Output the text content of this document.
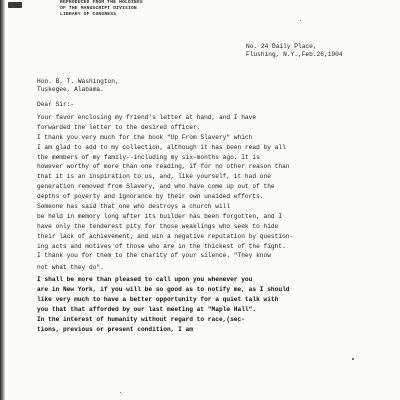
REPRODUCED FROM THE HOLDINGS
OF THE MANUSCRIPT DIVISION
LIBRARY OF CONGRESS
No. 24 Daily Place,
Flushing, N.Y.,Feb.26,1904
Hon. B. T. Washington,
Tuskegee, Alabama.
Dear Sir:-
Your favor enclosing my friend's letter at hand, and I have
forwarded the letter to the desired officer.
I thank you very much for the book "Up From Slavery" which
I am glad to add to my collection, although it has been read by all
the members of my family--including my six-months ago. It is
however worthy of more than one reading, if for no other reason than
that it is an inspiration to us, and, like yourself, it had one
generation removed from Slavery, and who have come up out of the
depths of poverty and ignorance by their own unaided efforts.
Someone has said that one who destroys a church will
be held in memory long after its builder has been forgotten, and I
have only the tenderest pity for those weaklings who seek to hide
their lack of achievement, and win a negative reputation by question-
ing acts and motives of those who are in the thickest of the fight.
I thank you for them to the charity of your silence. "They know
not what they do".
I shall be more than pleased to call upon you whenever you
are in New York, if you will be so good as to notify me, as I should
like very much to have a better opportunity for a quiet talk with
you that that afforded by our last meeting at "Maple Hall".
In the interest of humanity without regard to race,(sec-
tions, previous or present condition, I am
